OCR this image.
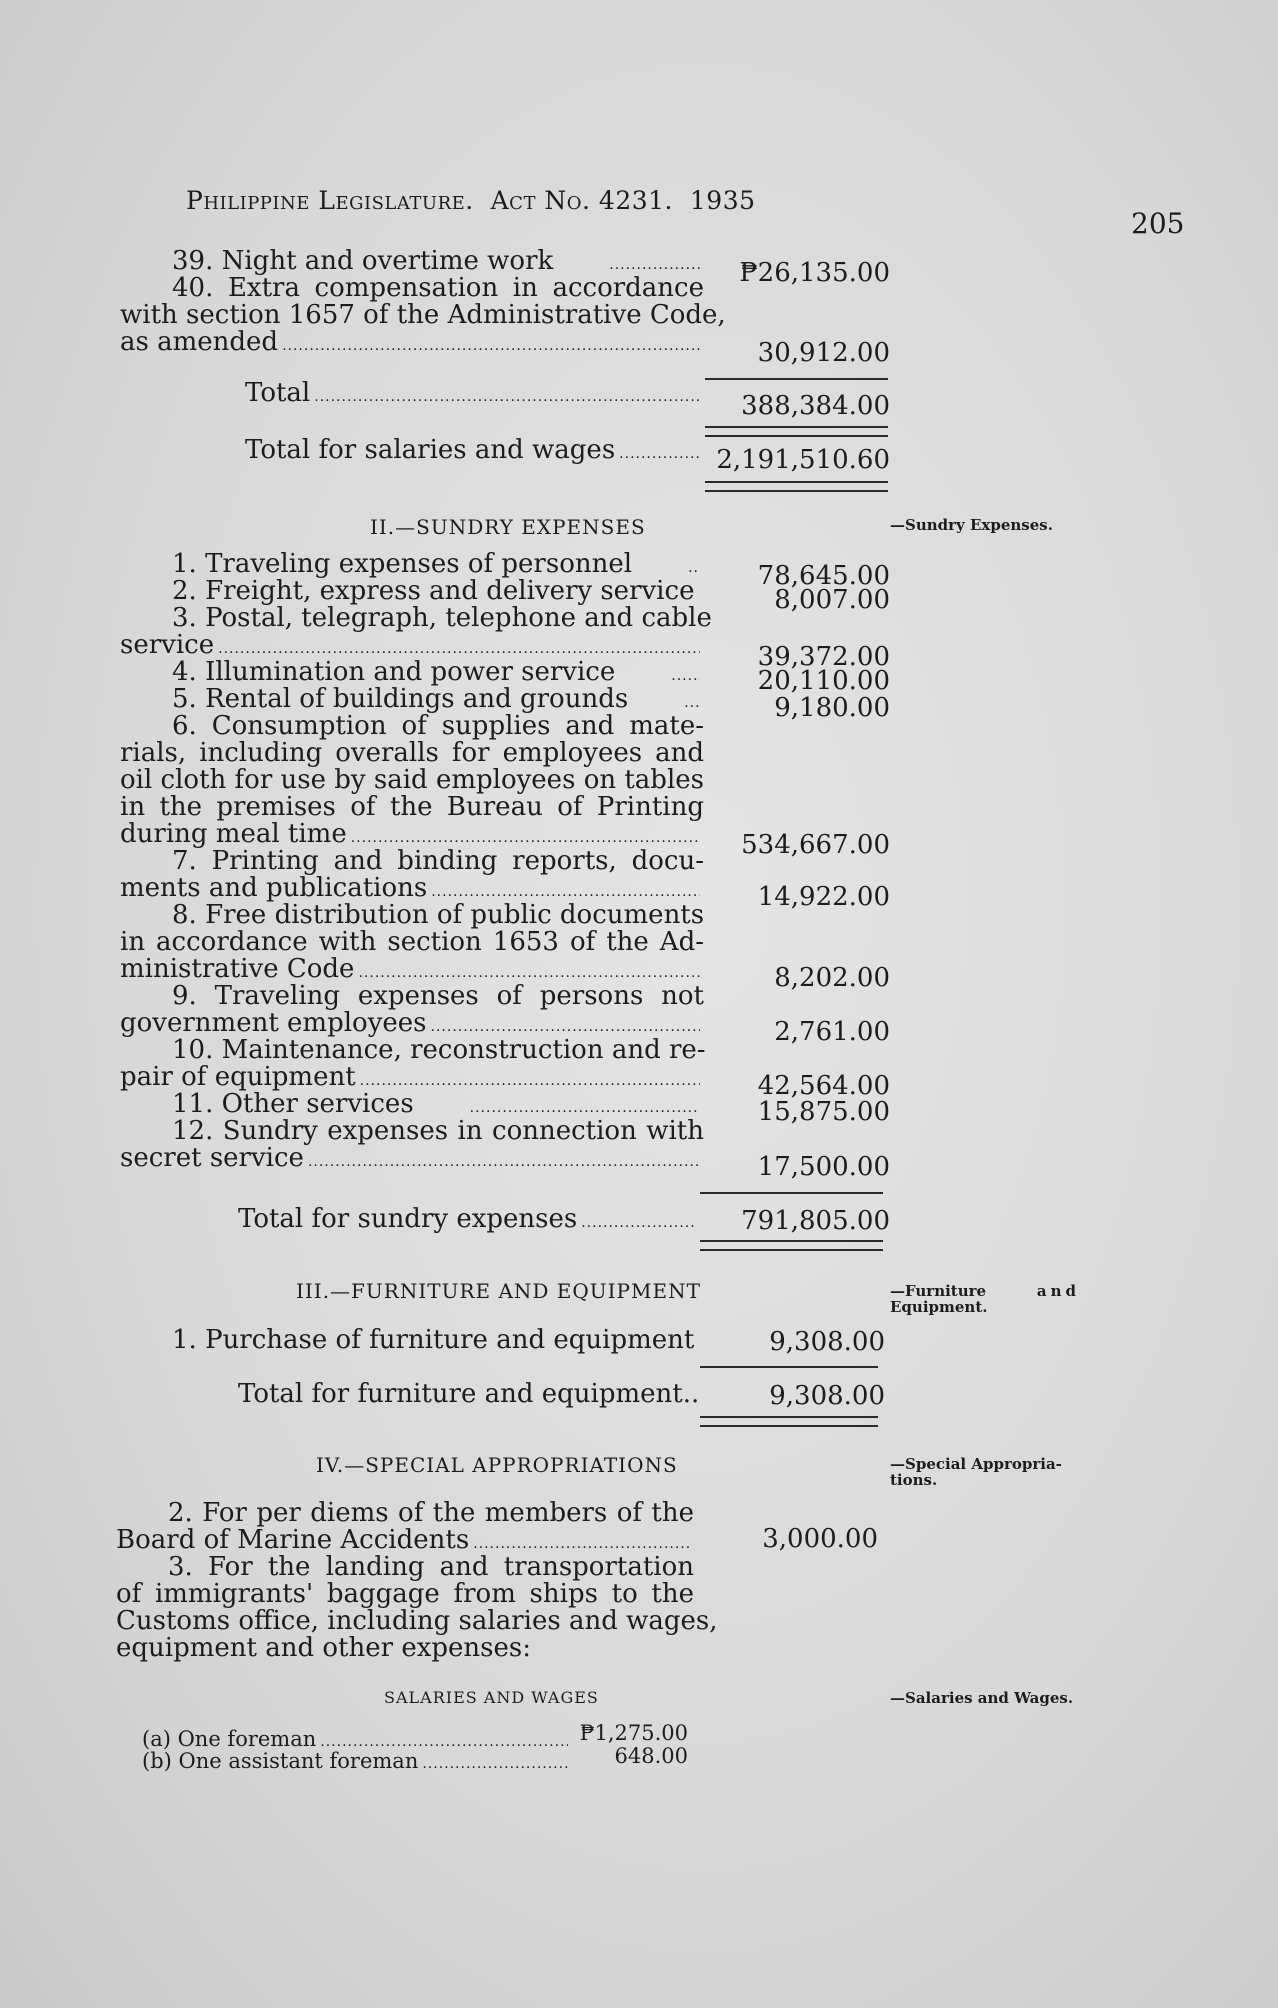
Philippine Legislature. Act No. 4231. 1935
205
39. Night and overtime work .....	₱26,135.00
40. Extra compensation in accordance
with section 1657 of the Administrative Code,
as amended .....	30,912.00
Total .....	388,384.00
Total for salaries and wages .....	2,191,510.60
II.—SUNDRY EXPENSES	—Sundry Expenses.
1. Traveling expenses of personnel .....	78,645.00
2. Freight, express and delivery service	8,007.00
3. Postal, telegraph, telephone and cable
service .....	39,372.00
4. Illumination and power service .....	20,110.00
5. Rental of buildings and grounds .....	9,180.00
6. Consumption of supplies and mate-
rials, including overalls for employees and
oil cloth for use by said employees on tables
in the premises of the Bureau of Printing
during meal time .....	534,667.00
7. Printing and binding reports, docu-
ments and publications .....	14,922.00
8. Free distribution of public documents
in accordance with section 1653 of the Ad-
ministrative Code .....	8,202.00
9. Traveling expenses of persons not
government employees .....	2,761.00
10. Maintenance, reconstruction and re-
pair of equipment .....	42,564.00
11. Other services .....	15,875.00
12. Sundry expenses in connection with
secret service .....	17,500.00
Total for sundry expenses .....	791,805.00
III.—FURNITURE AND EQUIPMENT	—Furniture	and
Equipment.
1. Purchase of furniture and equipment	9,308.00
Total for furniture and equipment..	9,308.00
IV.—SPECIAL APPROPRIATIONS	—Special Appropria-
tions.
2. For per diems of the members of the
Board of Marine Accidents .....	3,000.00
3. For the landing and transportation
of immigrants' baggage from ships to the
Customs office, including salaries and wages,
equipment and other expenses:
SALARIES AND WAGES	—Salaries and Wages.
(a) One foreman .....	₱1,275.00
(b) One assistant foreman .....	648.00
